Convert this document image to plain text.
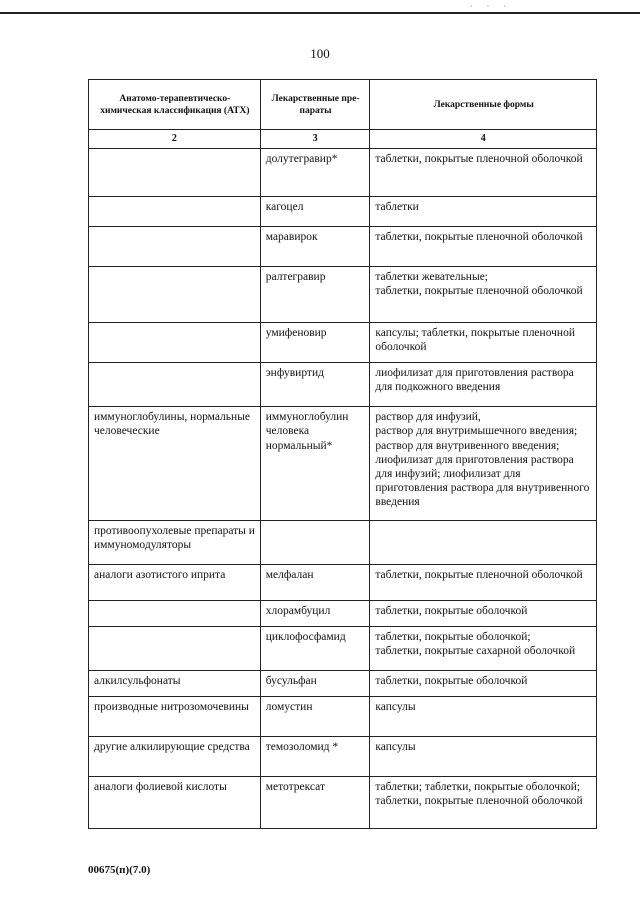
· · ·
100
Анатомо-терапевтическо-химическая классификация (АТХ)	Лекарственные пре- параты	Лекарственные формы
2	3	4
	долутегравир*	таблетки, покрытые пленочной оболочкой
	кагоцел	таблетки
	маравирок	таблетки, покрытые пленочной оболочкой
	ралтегравир	таблетки жевательные;
таблетки, покрытые пленочной оболочкой
	умифеновир	капсулы; таблетки, покрытые пленочной оболочкой
	энфувиртид	лиофилизат для приготовления раствора для подкожного введения
иммуноглобулины, нормальные человеческие	иммуноглобулин человека нормальный*	раствор для инфузий,
раствор для внутримышечного введения; раствор для внутривенного введения; лиофилизат для приготовления раствора для инфузий; лиофилизат для приготовления раствора для внутривенного введения
противоопухолевые препараты и иммуномодуляторы		
аналоги азотистого иприта	мелфалан	таблетки, покрытые пленочной оболочкой
	хлорамбуцил	таблетки, покрытые оболочкой
	циклофосфамид	таблетки, покрытые оболочкой;
таблетки, покрытые сахарной оболочкой
алкилсульфонаты	бусульфан	таблетки, покрытые оболочкой
производные нитрозомочевины	ломустин	капсулы
другие алкилирующие средства	темозоломид *	капсулы
аналоги фолиевой кислоты	метотрексат	таблетки; таблетки, покрытые оболочкой; таблетки, покрытые пленочной оболочкой
00675(п)(7.0)
